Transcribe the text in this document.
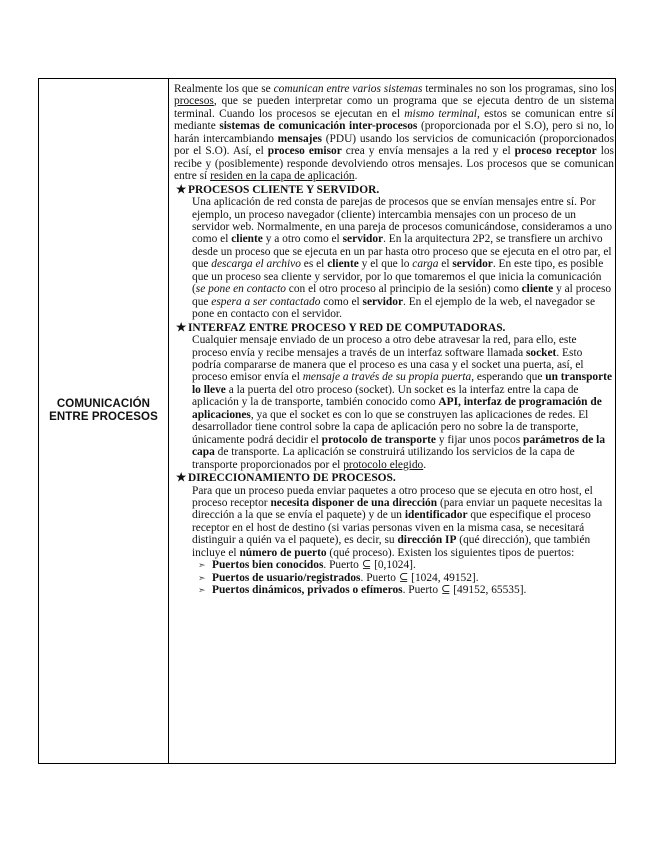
COMUNICACIÓN ENTRE PROCESOS

Realmente los que se comunican entre varios sistemas terminales no son los programas, sino los procesos, que se pueden interpretar como un programa que se ejecuta dentro de un sistema terminal. Cuando los procesos se ejecutan en el mismo terminal, estos se comunican entre sí mediante sistemas de comunicación inter-procesos (proporcionada por el S.O), pero si no, lo harán intercambiando mensajes (PDU) usando los servicios de comunicación (proporcionados por el S.O). Así, el proceso emisor crea y envía mensajes a la red y el proceso receptor los recibe y (posiblemente) responde devolviendo otros mensajes. Los procesos que se comunican entre sí residen en la capa de aplicación.

★ PROCESOS CLIENTE Y SERVIDOR.

Una aplicación de red consta de parejas de procesos que se envían mensajes entre sí. Por ejemplo, un proceso navegador (cliente) intercambia mensajes con un proceso de un servidor web. Normalmente, en una pareja de procesos comunicándose, consideramos a uno como el cliente y a otro como el servidor. En la arquitectura 2P2, se transfiere un archivo desde un proceso que se ejecuta en un par hasta otro proceso que se ejecuta en el otro par, el que descarga el archivo es el cliente y el que lo carga el servidor. En este tipo, es posible que un proceso sea cliente y servidor, por lo que tomaremos el que inicia la comunicación (se pone en contacto con el otro proceso al principio de la sesión) como cliente y al proceso que espera a ser contactado como el servidor. En el ejemplo de la web, el navegador se pone en contacto con el servidor.

★ INTERFAZ ENTRE PROCESO Y RED DE COMPUTADORAS.

Cualquier mensaje enviado de un proceso a otro debe atravesar la red, para ello, este proceso envía y recibe mensajes a través de un interfaz software llamada socket. Esto podría compararse de manera que el proceso es una casa y el socket una puerta, así, el proceso emisor envía el mensaje a través de su propia puerta, esperando que un transporte lo lleve a la puerta del otro proceso (socket). Un socket es la interfaz entre la capa de aplicación y la de transporte, también conocido como API, interfaz de programación de aplicaciones, ya que el socket es con lo que se construyen las aplicaciones de redes. El desarrollador tiene control sobre la capa de aplicación pero no sobre la de transporte, únicamente podrá decidir el protocolo de transporte y fijar unos pocos parámetros de la capa de transporte. La aplicación se construirá utilizando los servicios de la capa de transporte proporcionados por el protocolo elegido.

★ DIRECCIONAMIENTO DE PROCESOS.

Para que un proceso pueda enviar paquetes a otro proceso que se ejecuta en otro host, el proceso receptor necesita disponer de una dirección (para enviar un paquete necesitas la dirección a la que se envía el paquete) y de un identificador que especifique el proceso receptor en el host de destino (si varias personas viven en la misma casa, se necesitará distinguir a quién va el paquete), es decir, su dirección IP (qué dirección), que también incluye el número de puerto (qué proceso). Existen los siguientes tipos de puertos:

➣ Puertos bien conocidos. Puerto ⊆ [0,1024].

➣ Puertos de usuario/registrados. Puerto ⊆ [1024, 49152].

➣ Puertos dinámicos, privados o efímeros. Puerto ⊆ [49152, 65535].
